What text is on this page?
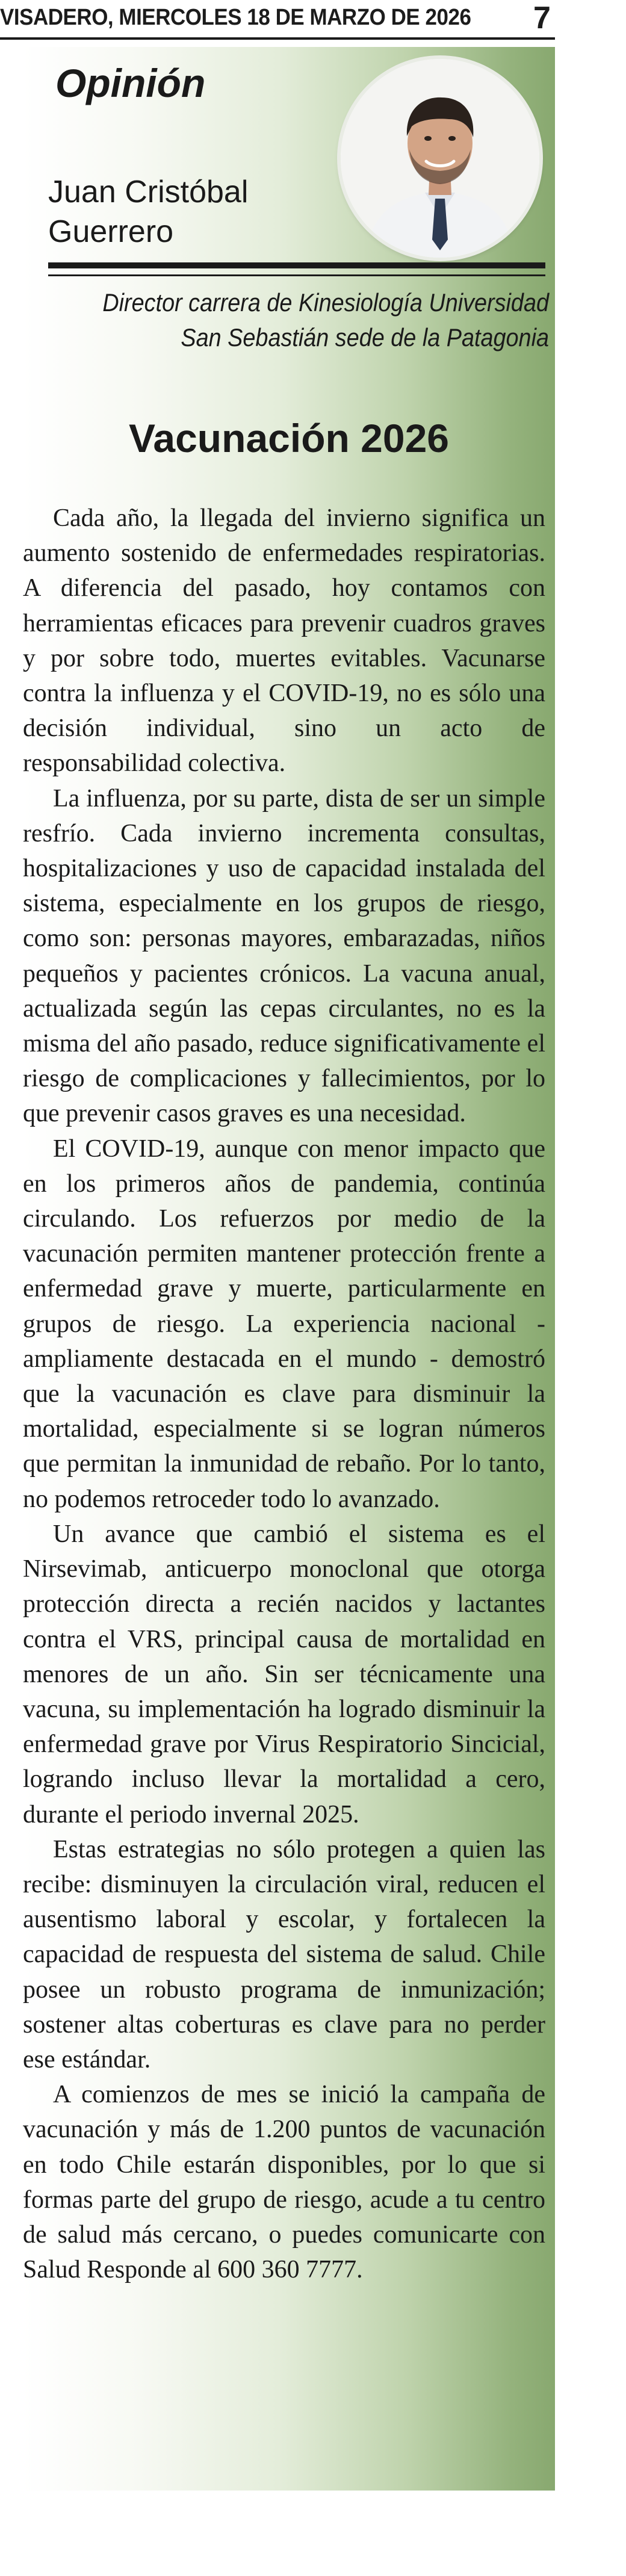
VISADERO, MIERCOLES 18 DE MARZO DE 2026 7
Opinión
Juan Cristóbal
Guerrero
Director carrera de Kinesiología Universidad
San Sebastián sede de la Patagonia
Vacunación 2026

Cada año, la llegada del invierno significa un aumento sostenido de enfermedades respiratorias. A diferencia del pasado, hoy contamos con herramientas eficaces para prevenir cuadros graves y por sobre todo, muertes evitables. Vacunarse contra la influenza y el COVID-19, no es sólo una decisión individual, sino un acto de responsabilidad colectiva.

La influenza, por su parte, dista de ser un simple resfrío. Cada invierno incrementa consultas, hospitalizaciones y uso de capacidad instalada del sistema, especialmente en los grupos de riesgo, como son: personas mayores, embarazadas, niños pequeños y pacientes crónicos. La vacuna anual, actualizada según las cepas circulantes, no es la misma del año pasado, reduce significativamente el riesgo de complicaciones y fallecimientos, por lo que prevenir casos graves es una necesidad.

El COVID-19, aunque con menor impacto que en los primeros años de pandemia, continúa circulando. Los refuerzos por medio de la vacunación permiten mantener protección frente a enfermedad grave y muerte, particularmente en grupos de riesgo. La experiencia nacional - ampliamente destacada en el mundo - demostró que la vacunación es clave para disminuir la mortalidad, especialmente si se logran números que permitan la inmunidad de rebaño. Por lo tanto, no podemos retroceder todo lo avanzado.

Un avance que cambió el sistema es el Nirsevimab, anticuerpo monoclonal que otorga protección directa a recién nacidos y lactantes contra el VRS, principal causa de mortalidad en menores de un año. Sin ser técnicamente una vacuna, su implementación ha logrado disminuir la enfermedad grave por Virus Respiratorio Sincicial, logrando incluso llevar la mortalidad a cero, durante el periodo invernal 2025.

Estas estrategias no sólo protegen a quien las recibe: disminuyen la circulación viral, reducen el ausentismo laboral y escolar, y fortalecen la capacidad de respuesta del sistema de salud. Chile posee un robusto programa de inmunización; sostener altas coberturas es clave para no perder ese estándar.

A comienzos de mes se inició la campaña de vacunación y más de 1.200 puntos de vacunación en todo Chile estarán disponibles, por lo que si formas parte del grupo de riesgo, acude a tu centro de salud más cercano, o puedes comunicarte con Salud Responde al 600 360 7777.
